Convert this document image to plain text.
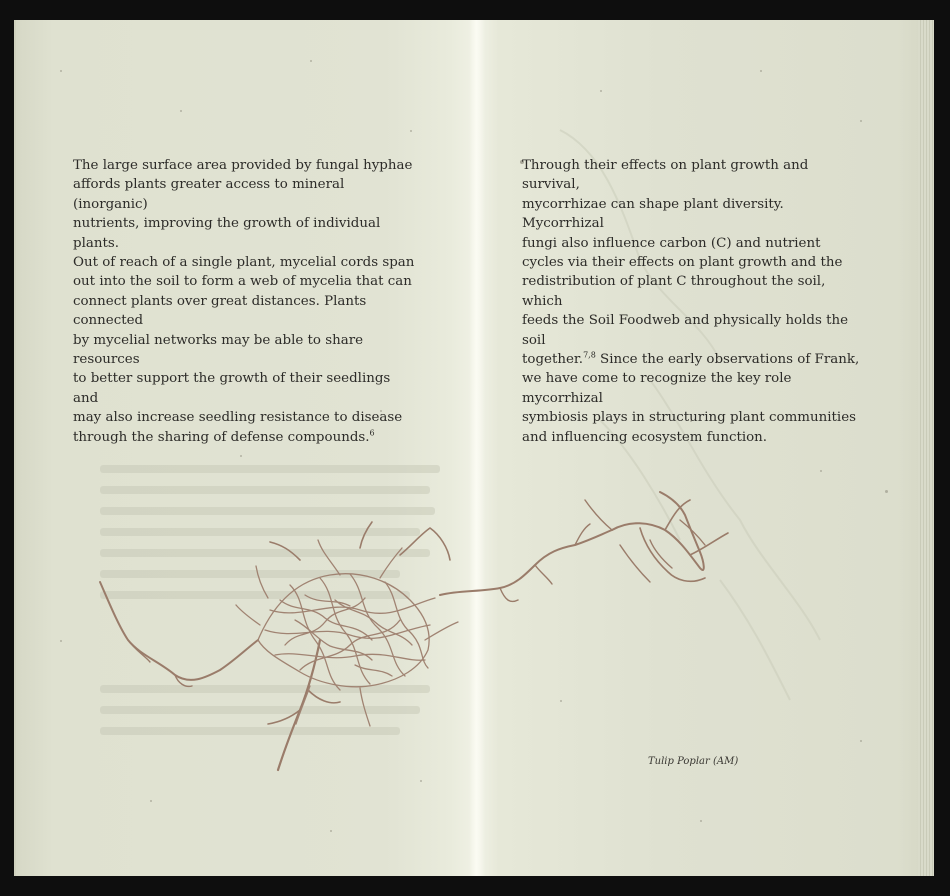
The large surface area provided by fungal hyphae
affords plants greater access to mineral (inorganic)
nutrients, improving the growth of individual plants.
Out of reach of a single plant, mycelial cords span
out into the soil to form a web of mycelia that can
connect plants over great distances. Plants connected
by mycelial networks may be able to share resources
to better support the growth of their seedlings and
may also increase seedling resistance to disease
through the sharing of defense compounds.$^6$

Through their effects on plant growth and survival,
mycorrhizae can shape plant diversity. Mycorrhizal
fungi also influence carbon (C) and nutrient
cycles via their effects on plant growth and the
redistribution of plant C throughout the soil, which
feeds the Soil Foodweb and physically holds the soil
together.$^{7,8}$ Since the early observations of Frank,
we have come to recognize the key role mycorrhizal
symbiosis plays in structuring plant communities
and influencing ecosystem function.

Tulip Poplar (AM)
